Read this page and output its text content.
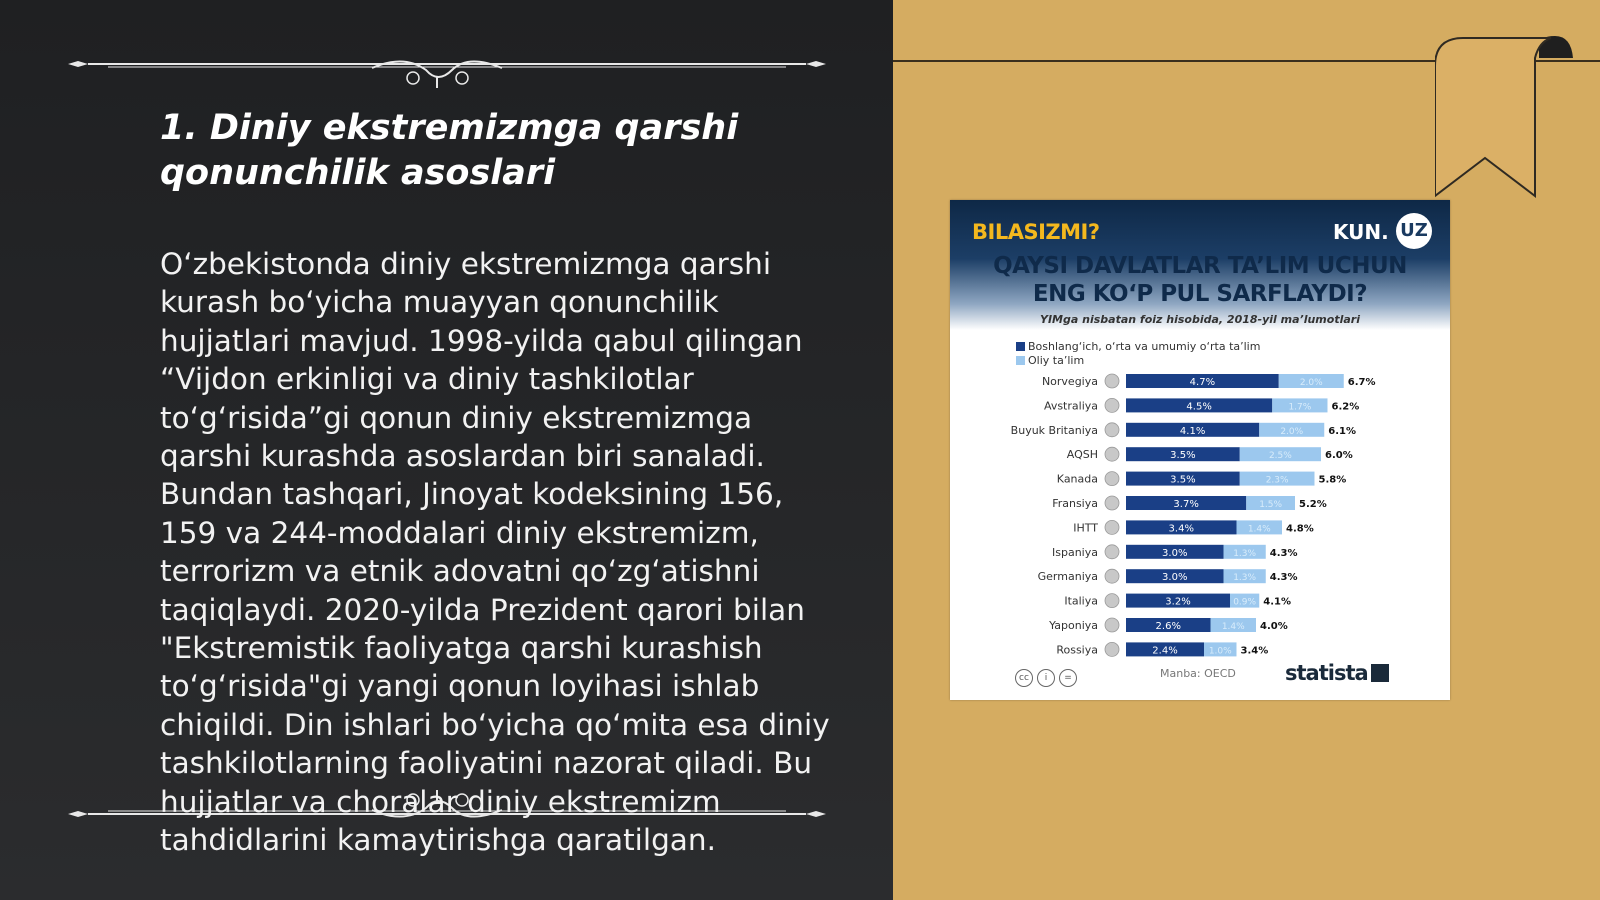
1. Diniy ekstremizmga qarshi qonunchilik asoslari

O‘zbekistonda diniy ekstremizmga qarshi kurash bo‘yicha muayyan qonunchilik hujjatlari mavjud. 1998-yilda qabul qilingan “Vijdon erkinligi va diniy tashkilotlar to‘g‘risida”gi qonun diniy ekstremizmga qarshi kurashda asoslardan biri sanaladi. Bundan tashqari, Jinoyat kodeksining 156, 159 va 244-moddalari diniy ekstremizm, terrorizm va etnik adovatni qo‘zg‘atishni taqiqlaydi. 2020-yilda Prezident qarori bilan "Ekstremistik faoliyatga qarshi kurashish to‘g‘risida"gi yangi qonun loyihasi ishlab chiqildi. Din ishlari bo‘yicha qo‘mita esa diniy tashkilotlarning faoliyatini nazorat qiladi. Bu hujjatlar va choralar diniy ekstremizm tahdidlarini kamaytirishga qaratilgan.

BILASIZMI?	KUN. UZ
QAYSI DAVLATLAR TA’LIM UCHUN
ENG KO‘P PUL SARFLAYDI?
YIMga nisbatan foiz hisobida, 2018-yil ma’lumotlari
Boshlang‘ich, o‘rta va umumiy o‘rta ta’lim
Oliy ta’lim
Norvegiya	4.7%	2.0%	6.7%
Avstraliya	4.5%	1.7% 6.2%
Buyuk Britaniya	4.1%	2.0%	6.1%
AQSH	3.5%	2.5%	6.0%
Kanada	3.5%	2.3%	5.8%
Fransiya	3.7%	1.5% 5.2%
IHTT	3.4%	1.4% 4.8%
Ispaniya	3.0%	1.3% 4.3%
Germaniya	3.0%	1.3% 4.3%
Italiya	3.2%	0.9% 4.1%
Yaponiya	2.6%	1.4% 4.0%
Rossiya	2.4%	1.0% 3.4%
cc i =	Manba: OECD statista
